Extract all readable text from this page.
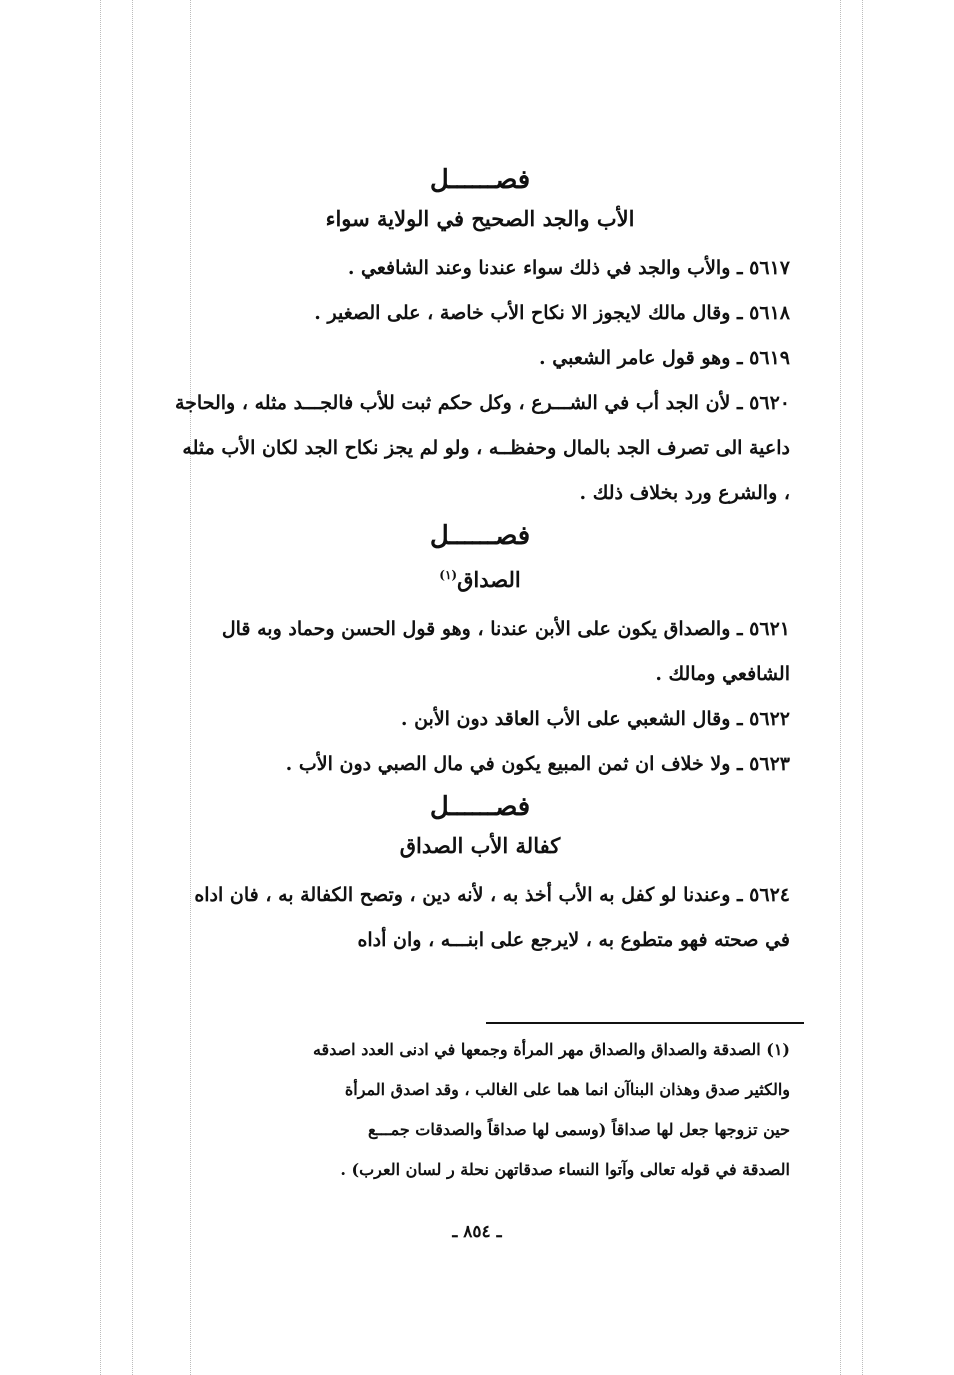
فصــــــل
الأب والجد الصحيح في الولاية سواء

٥٦١٧ ـ والأب والجد في ذلك سواء عندنا وعند الشافعي .

٥٦١٨ ـ وقال مالك لايجوز الا نكاح الأب خاصة ، على الصغير .

٥٦١٩ ـ وهو قول عامر الشعبي .

٥٦٢٠ ـ لأن الجد أب في الشـــرع ، وكل حكم ثبت للأب فالجـــد مثله ، والحاجة داعية الى تصرف الجد بالمال وحفظــه ، ولو لم يجز نكاح الجد لكان الأب مثله ، والشرع ورد بخلاف ذلك .

فصــــــل
الصداق$^{(١)}$

٥٦٢١ ـ والصداق يكون على الأبن عندنا ، وهو قول الحسن وحماد وبه قال الشافعي ومالك .

٥٦٢٢ ـ وقال الشعبي على الأب العاقد دون الأبن .

٥٦٢٣ ـ ولا خلاف ان ثمن المبيع يكون في مال الصبي دون الأب .

فصــــــل
كفالة الأب الصداق

٥٦٢٤ ـ وعندنا لو كفل به الأب أخذ به ، لأنه دين ، وتصح الكفالة به ، فان اداه في صحته فهو متطوع به ، لايرجع على ابنـــه ، وان أداه

(١) الصدقة والصداق والصداق مهر المرأة وجمعها في ادنى العدد اصدقه
والكثير صدق وهذان البناآن انما هما على الغالب ، وقد اصدق المرأة
حين تزوجها جعل لها صداقاً (وسمى لها صداقاً والصدقات جمـــع
الصدقة في قوله تعالى وآتوا النساء صدقاتهن نحلة ر لسان العرب) .
ـ ٨٥٤ ـ
